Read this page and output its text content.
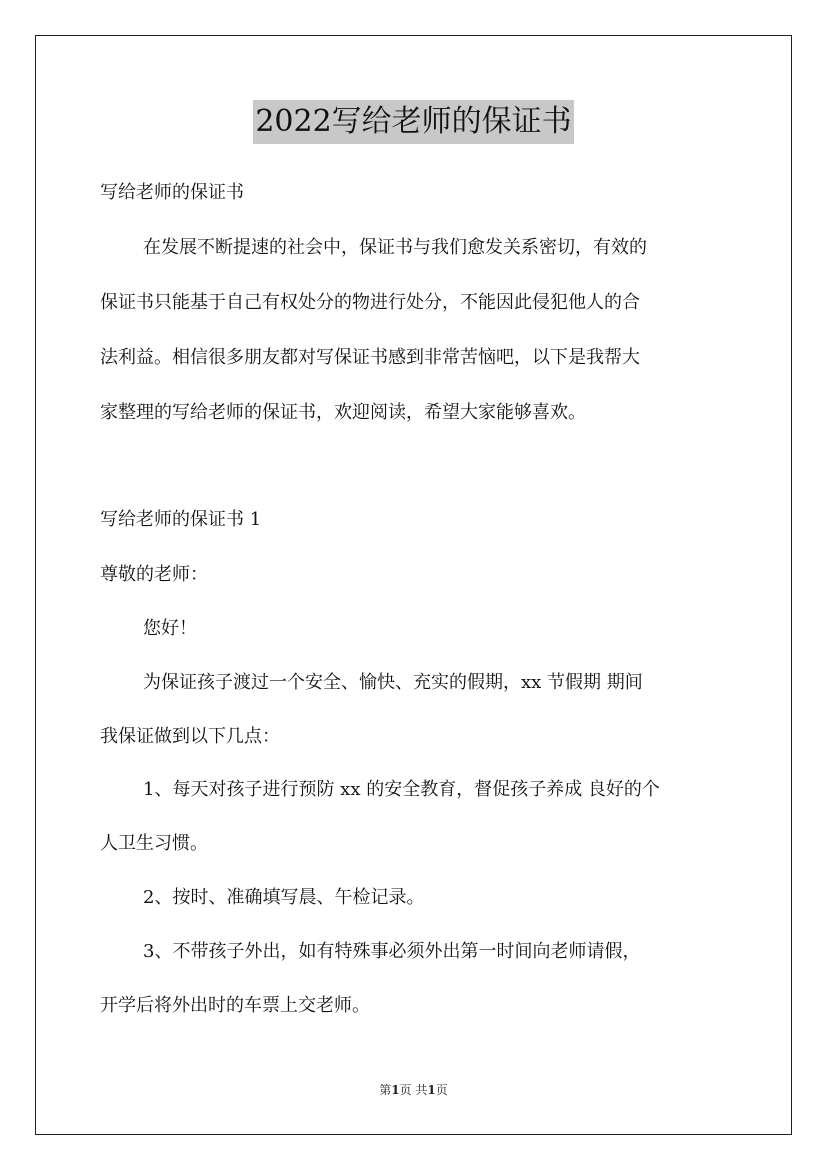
2022写给老师的保证书
写给老师的保证书
在发展不断提速的社会中，保证书与我们愈发关系密切，有效的
保证书只能基于自己有权处分的物进行处分，不能因此侵犯他人的合
法利益。相信很多朋友都对写保证书感到非常苦恼吧，以下是我帮大
家整理的写给老师的保证书，欢迎阅读，希望大家能够喜欢。
写给老师的保证书 1
尊敬的老师：
您好！
为保证孩子渡过一个安全、愉快、充实的假期，xx 节假期 期间
我保证做到以下几点：
1、每天对孩子进行预防 xx 的安全教育，督促孩子养成 良好的个
人卫生习惯。
2、按时、准确填写晨、午检记录。
3、不带孩子外出，如有特殊事必须外出第一时间向老师请假，
开学后将外出时的车票上交老师。
第1页 共1页
